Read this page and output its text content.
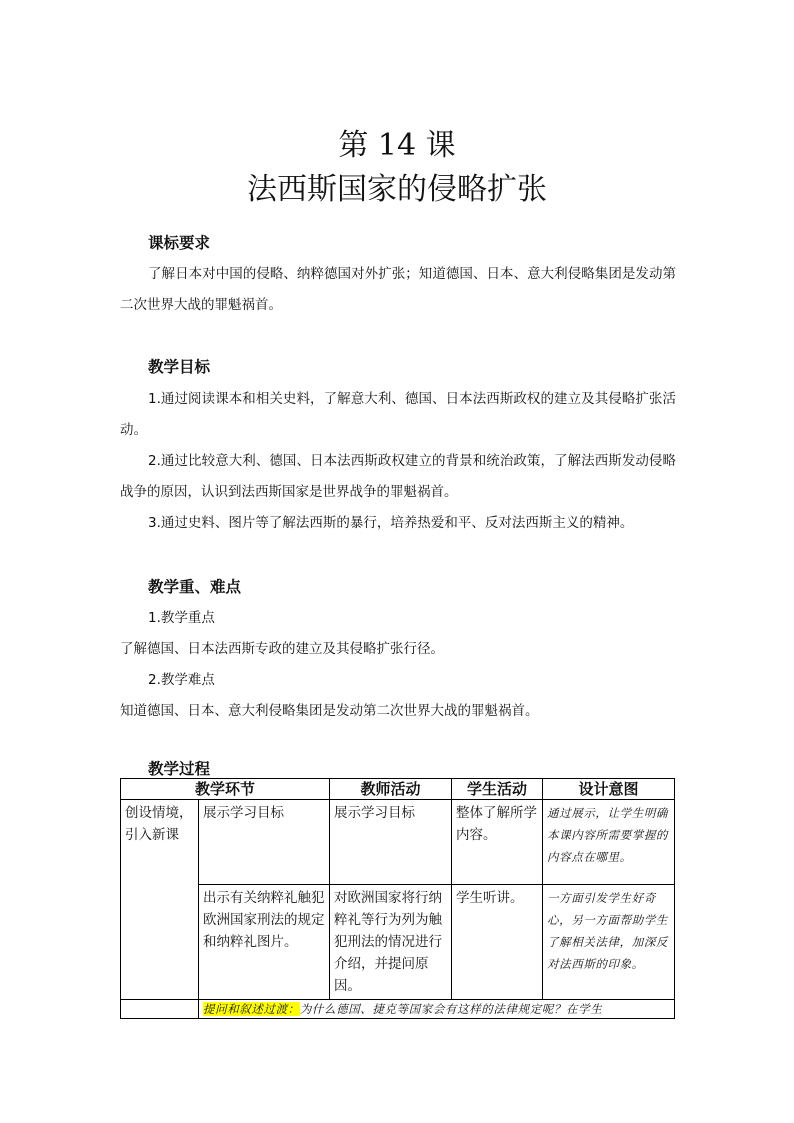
第 14 课
法西斯国家的侵略扩张
课标要求
了解日本对中国的侵略、纳粹德国对外扩张；知道德国、日本、意大利侵略集团是发动第二次世界大战的罪魁祸首。
教学目标
1.通过阅读课本和相关史料，了解意大利、德国、日本法西斯政权的建立及其侵略扩张活动。
2.通过比较意大利、德国、日本法西斯政权建立的背景和统治政策，了解法西斯发动侵略战争的原因，认识到法西斯国家是世界战争的罪魁祸首。
3.通过史料、图片等了解法西斯的暴行，培养热爱和平、反对法西斯主义的精神。
教学重、难点
1.教学重点
了解德国、日本法西斯专政的建立及其侵略扩张行径。
2.教学难点
知道德国、日本、意大利侵略集团是发动第二次世界大战的罪魁祸首。
教学过程
教学环节		教师活动	学生活动	设计意图
创设情境，引入新课	展示学习目标	展示学习目标	整体了解所学内容。	通过展示，让学生明确本课内容所需要掌握的内容点在哪里。
	出示有关纳粹礼触犯欧洲国家刑法的规定和纳粹礼图片。	对欧洲国家将行纳粹礼等行为列为触犯刑法的情况进行介绍，并提问原因。	学生听讲。	一方面引发学生好奇心，另一方面帮助学生了解相关法律，加深反对法西斯的印象。
	提问和叙述过渡：为什么德国、捷克等国家会有这样的法律规定呢？在学生			
